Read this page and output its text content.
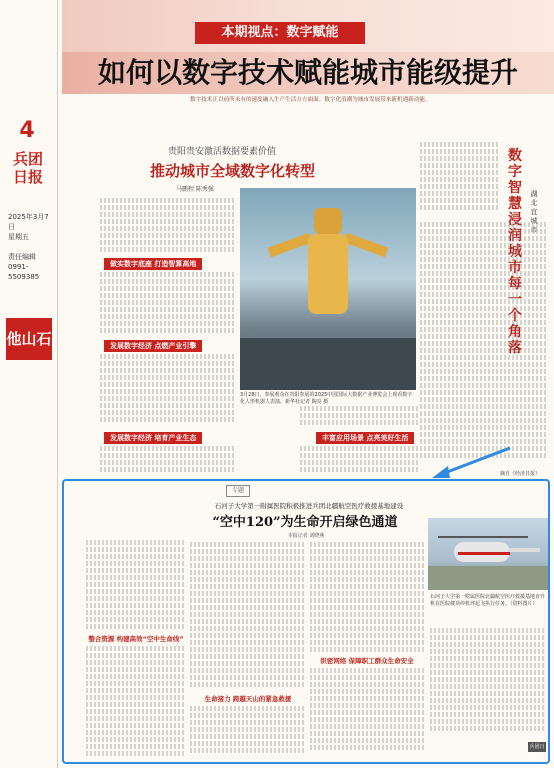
4
兵团日报
2025年3月7日
星期五
责任编辑
0991-5509385
他山石
本期视点：数字赋能
如何以数字技术赋能城市能级提升
数字技术正以前所未有的速度融入生产生活方方面面。数字化浪潮为城市发展带来新机遇新动能。
贵阳贵安激活数据要素价值
推动城市全域数字化转型
马鹏程 陈秀强
做实数字底座 打造智算高地
发展数字经济 点燃产业引擎
发展数字经济 培育产业生态
3月28日，参展观众在贵阳参展的2025中国国际大数据产业博览会上观看数字化人形机器人表演。新华社记者 陶亮 摄
丰富应用场景 点亮美好生活
数字智慧浸润城市每一个角落
湖北宜城市
摘自《经济日报》
专题
石河子大学第一附属医院积极推进兵团北疆航空医疗救援基地建设
“空中120”为生命开启绿色通道
本报记者 刘晓燕
整合资源 构建高效“空中生命线”
生命接力 跨越天山的紧急救援
织密网络 保障职工群众生命安全
石河子大学第一附属医院北疆航空医疗救援基地直升机在医院楼顶停机坪起飞执行任务。（资料图片）
兵团日报
